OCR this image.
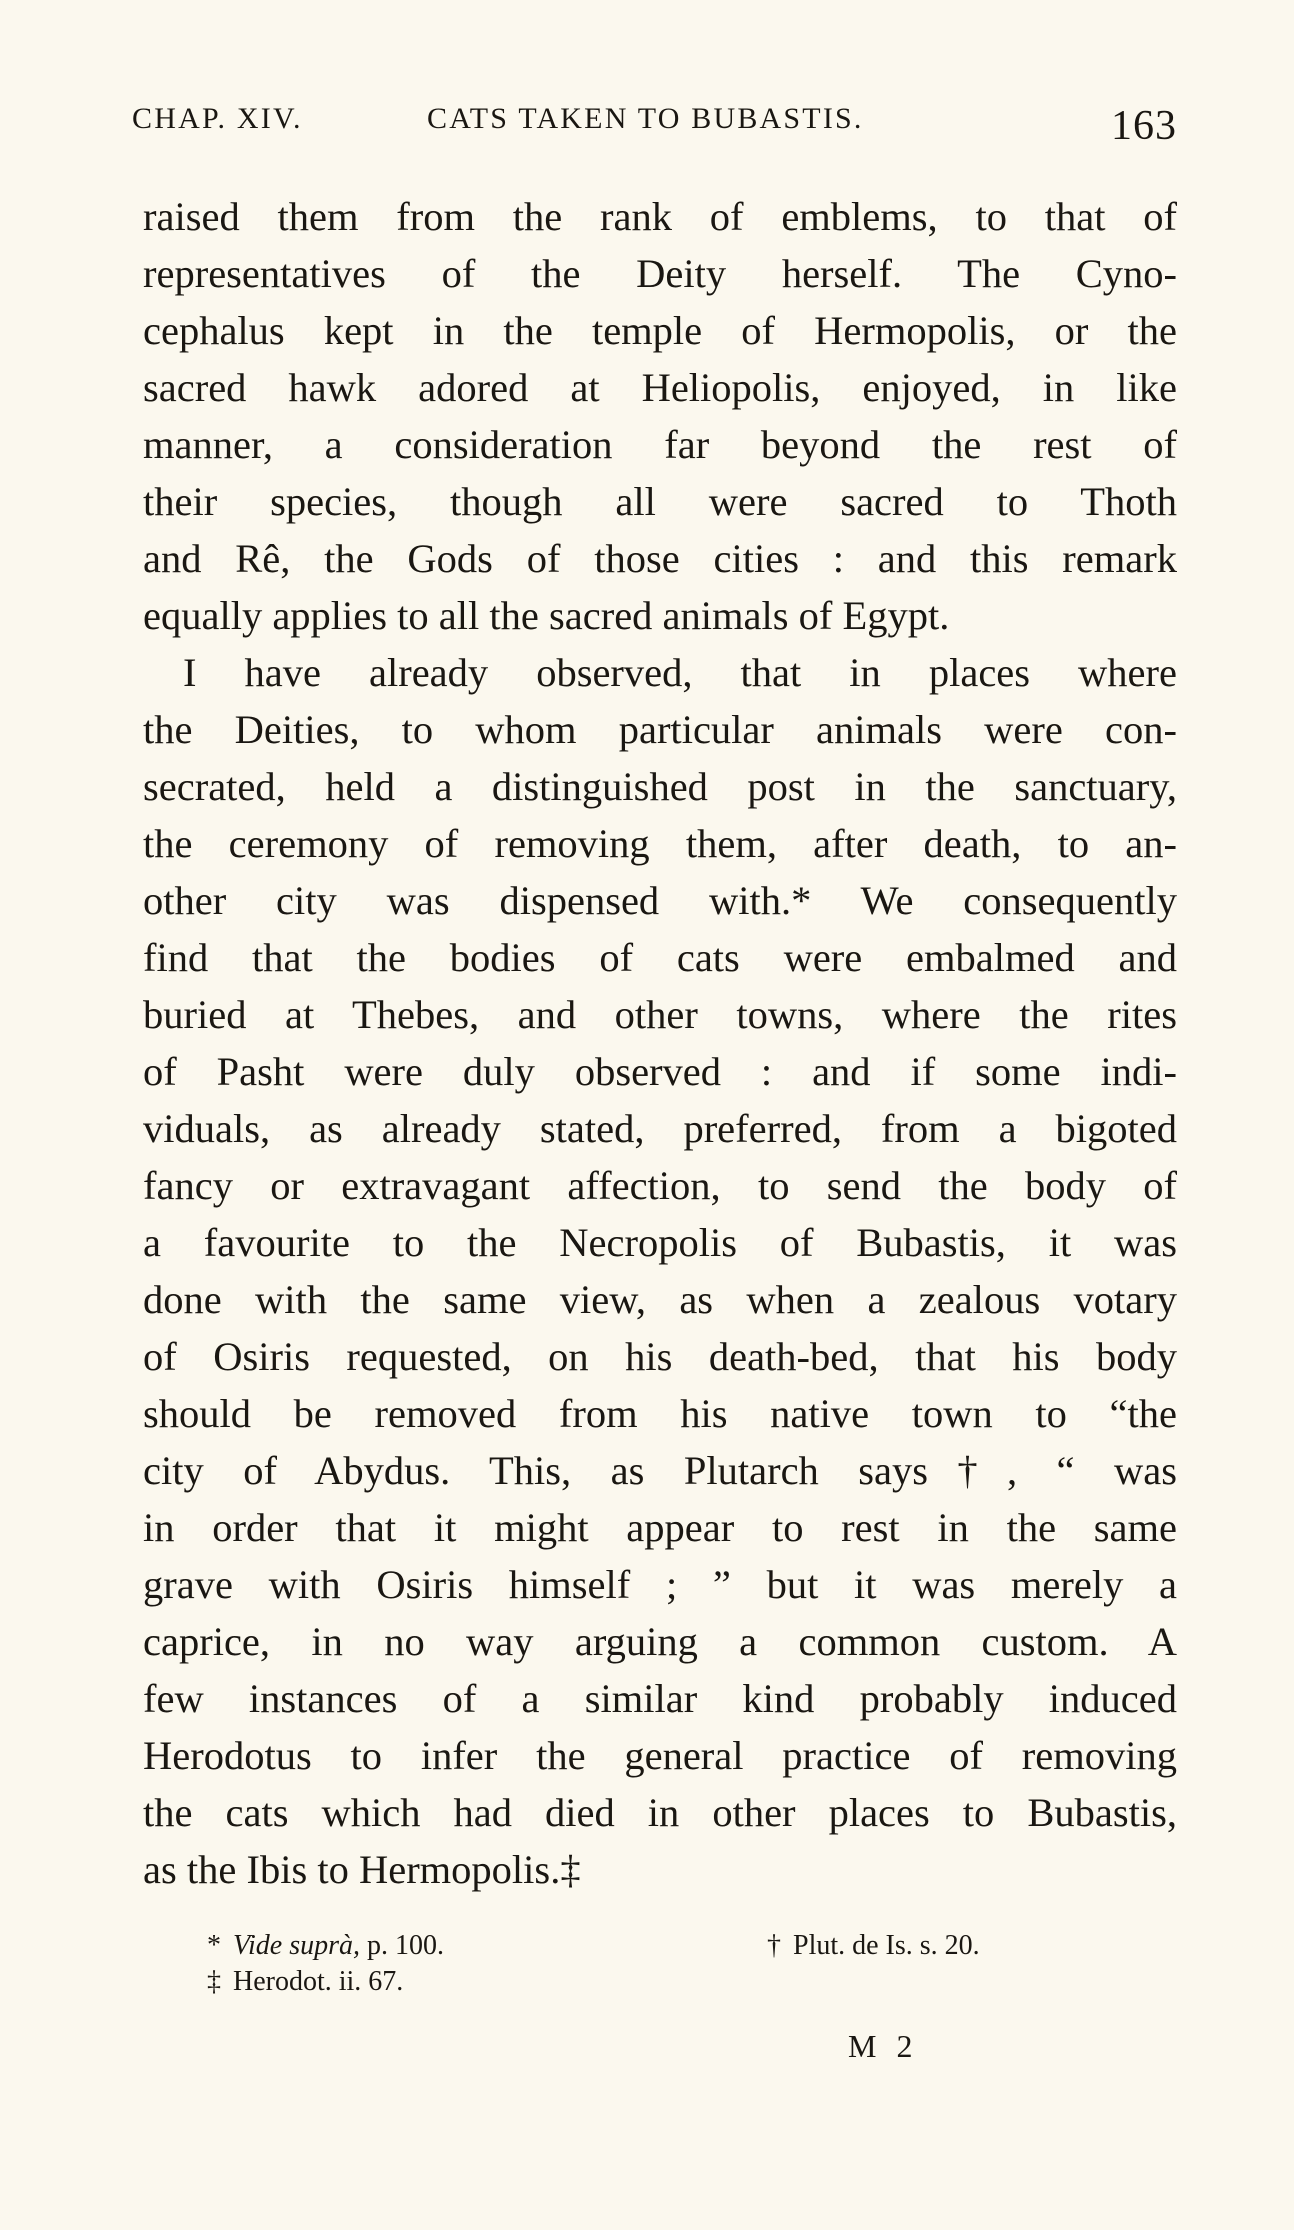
CHAP. XIV.	CATS TAKEN TO BUBASTIS.	163
raised them from the rank of emblems, to that of
representatives of the Deity herself. The Cyno-
cephalus kept in the temple of Hermopolis, or the
sacred hawk adored at Heliopolis, enjoyed, in like
manner, a consideration far beyond the rest of
their species, though all were sacred to Thoth
and Rê, the Gods of those cities : and this remark
equally applies to all the sacred animals of Egypt.
I have already observed, that in places where
the Deities, to whom particular animals were con-
secrated, held a distinguished post in the sanctuary,
the ceremony of removing them, after death, to an-
other city was dispensed with.* We consequently
find that the bodies of cats were embalmed and
buried at Thebes, and other towns, where the rites
of Pasht were duly observed : and if some indi-
viduals, as already stated, preferred, from a bigoted
fancy or extravagant affection, to send the body of
a favourite to the Necropolis of Bubastis, it was
done with the same view, as when a zealous votary
of Osiris requested, on his death-bed, that his body
should be removed from his native town to “the
city of Abydus. This, as Plutarch says†, “ was
in order that it might appear to rest in the same
grave with Osiris himself ; ” but it was merely a
caprice, in no way arguing a common custom. A
few instances of a similar kind probably induced
Herodotus to infer the general practice of removing
the cats which had died in other places to Bubastis,
as the Ibis to Hermopolis.‡
* Vide suprà, p. 100.	† Plut. de Is. s. 20.
‡ Herodot. ii. 67.
M 2
